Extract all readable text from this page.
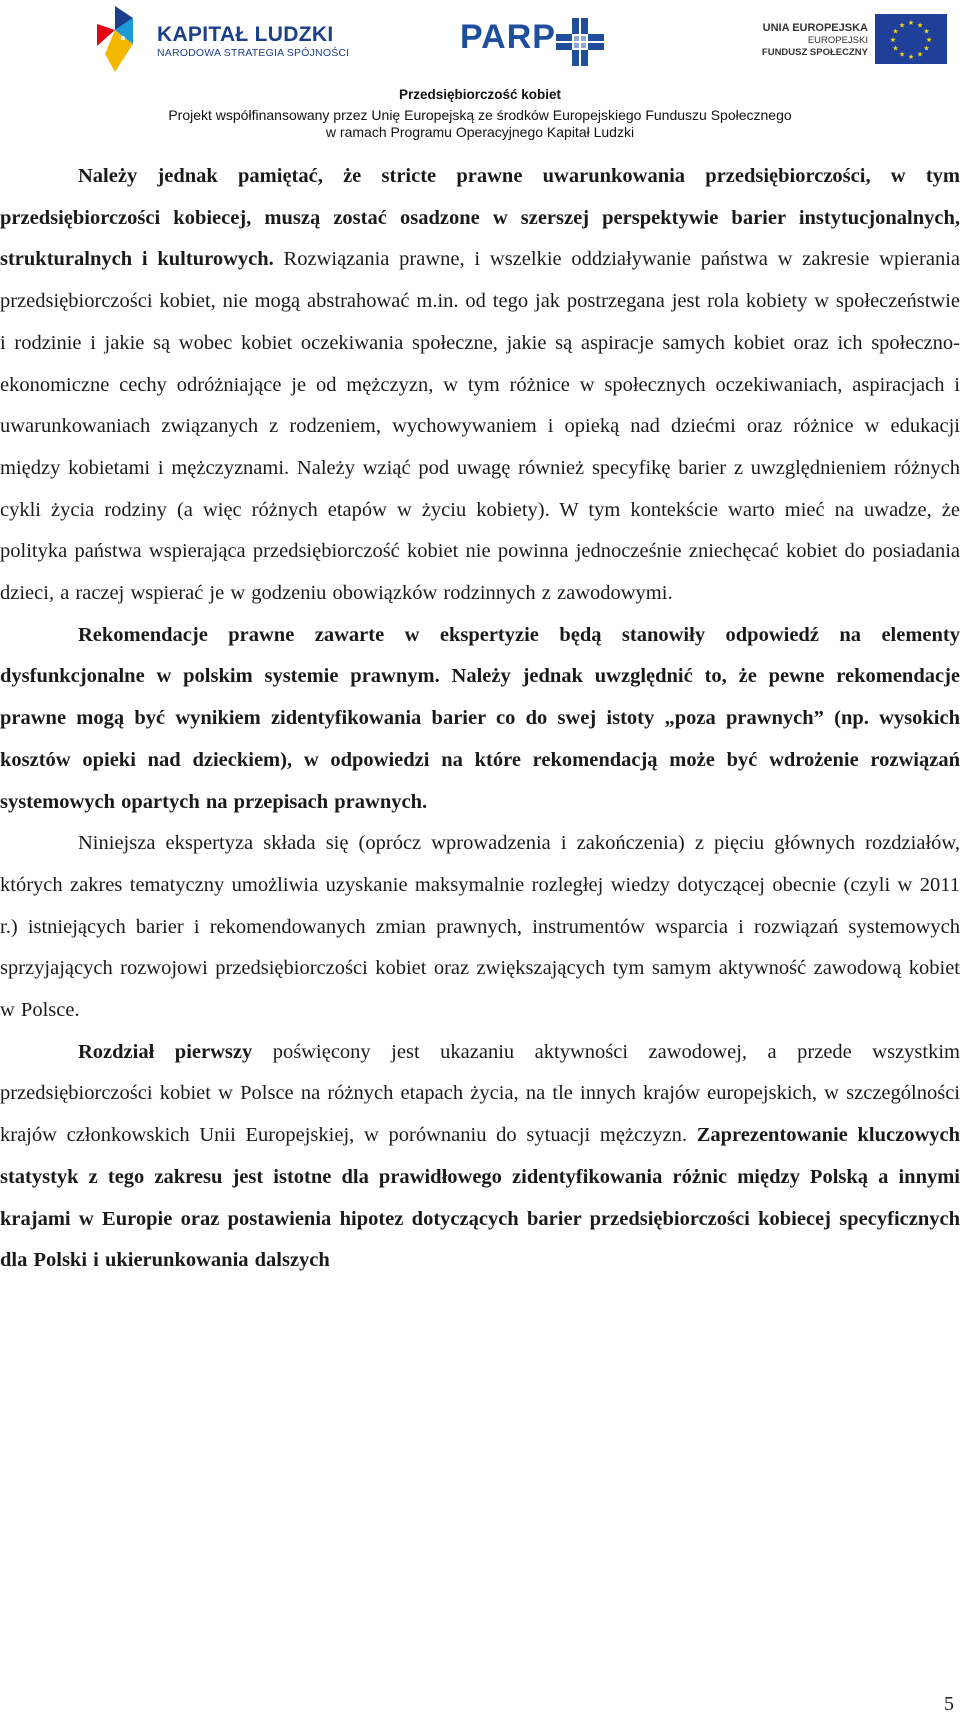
KAPITAŁ LUDZKI
NARODOWA STRATEGIA SPÓJNOŚCI	PARP	UNIA EUROPEJSKA
EUROPEJSKI
FUNDUSZ SPOŁECZNY
★ ★
★
★
★
★
★
★
★
★
★
★
Przedsiębiorczość kobiet
Projekt współfinansowany przez Unię Europejską ze środków Europejskiego Funduszu Społecznego
w ramach Programu Operacyjnego Kapitał Ludzki

Należy jednak pamiętać, że stricte prawne uwarunkowania przedsiębiorczości, w tym przedsiębiorczości kobiecej, muszą zostać osadzone w szerszej perspektywie barier instytucjonalnych, strukturalnych i kulturowych. Rozwiązania prawne, i wszelkie oddziaływanie państwa w zakresie wpierania przedsiębiorczości kobiet, nie mogą abstrahować m.in. od tego jak postrzegana jest rola kobiety w społeczeństwie i rodzinie i jakie są wobec kobiet oczekiwania społeczne, jakie są aspiracje samych kobiet oraz ich społeczno-ekonomiczne cechy odróżniające je od mężczyzn, w tym różnice w społecznych oczekiwaniach, aspiracjach i uwarunkowaniach związanych z rodzeniem, wychowywaniem i opieką nad dziećmi oraz różnice w edukacji między kobietami i mężczyznami. Należy wziąć pod uwagę również specyfikę barier z uwzględnieniem różnych cykli życia rodziny (a więc różnych etapów w życiu kobiety). W tym kontekście warto mieć na uwadze, że polityka państwa wspierająca przedsiębiorczość kobiet nie powinna jednocześnie zniechęcać kobiet do posiadania dzieci, a raczej wspierać je w godzeniu obowiązków rodzinnych z zawodowymi.

Rekomendacje prawne zawarte w ekspertyzie będą stanowiły odpowiedź na elementy dysfunkcjonalne w polskim systemie prawnym. Należy jednak uwzględnić to, że pewne rekomendacje prawne mogą być wynikiem zidentyfikowania barier co do swej istoty „poza prawnych” (np. wysokich kosztów opieki nad dzieckiem), w odpowiedzi na które rekomendacją może być wdrożenie rozwiązań systemowych opartych na przepisach prawnych.

Niniejsza ekspertyza składa się (oprócz wprowadzenia i zakończenia) z pięciu głównych rozdziałów, których zakres tematyczny umożliwia uzyskanie maksymalnie rozległej wiedzy dotyczącej obecnie (czyli w 2011 r.) istniejących barier i rekomendowanych zmian prawnych, instrumentów wsparcia i rozwiązań systemowych sprzyjających rozwojowi przedsiębiorczości kobiet oraz zwiększających tym samym aktywność zawodową kobiet w Polsce.

Rozdział pierwszy poświęcony jest ukazaniu aktywności zawodowej, a przede wszystkim przedsiębiorczości kobiet w Polsce na różnych etapach życia, na tle innych krajów europejskich, w szczególności krajów członkowskich Unii Europejskiej, w porównaniu do sytuacji mężczyzn. Zaprezentowanie kluczowych statystyk z tego zakresu jest istotne dla prawidłowego zidentyfikowania różnic między Polską a innymi krajami w Europie oraz postawienia hipotez dotyczących barier przedsiębiorczości kobiecej specyficznych dla Polski i ukierunkowania dalszych

5
